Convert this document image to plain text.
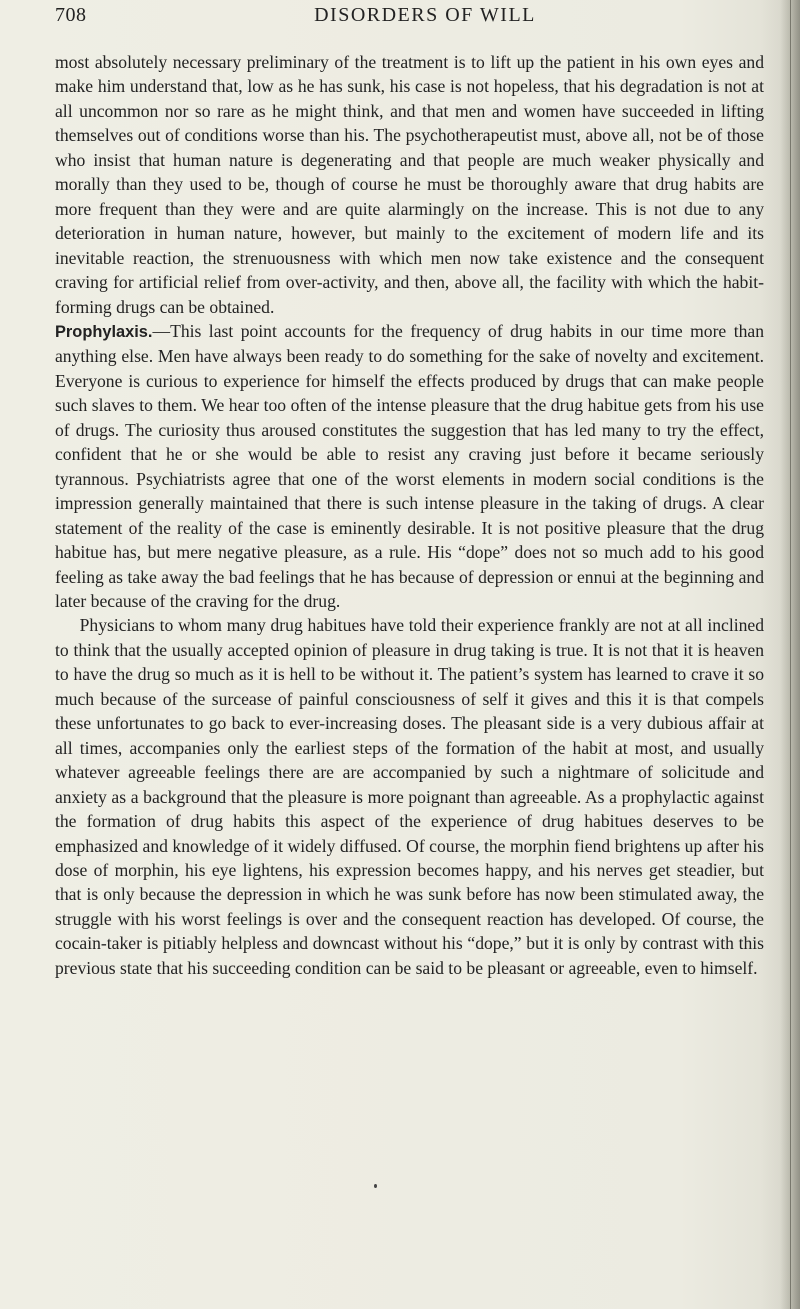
708	DISORDERS OF WILL

most absolutely necessary preliminary of the treatment is to lift up the patient in his own eyes and make him understand that, low as he has sunk, his case is not hopeless, that his degradation is not at all uncommon nor so rare as he might think, and that men and women have succeeded in lifting themselves out of conditions worse than his. The psychotherapeutist must, above all, not be of those who insist that human nature is degenerating and that people are much weaker physically and morally than they used to be, though of course he must be thoroughly aware that drug habits are more frequent than they were and are quite alarmingly on the increase. This is not due to any deterioration in human nature, however, but mainly to the excitement of modern life and its inevitable reaction, the strenuousness with which men now take existence and the consequent craving for artificial relief from over-activity, and then, above all, the facility with which the habit-forming drugs can be obtained.

Prophylaxis.—This last point accounts for the frequency of drug habits in our time more than anything else. Men have always been ready to do something for the sake of novelty and excitement. Everyone is curious to experience for himself the effects produced by drugs that can make people such slaves to them. We hear too often of the intense pleasure that the drug habitue gets from his use of drugs. The curiosity thus aroused constitutes the suggestion that has led many to try the effect, confident that he or she would be able to resist any craving just before it became seriously tyrannous. Psychiatrists agree that one of the worst elements in modern social conditions is the impression generally maintained that there is such intense pleasure in the taking of drugs. A clear statement of the reality of the case is eminently desirable. It is not positive pleasure that the drug habitue has, but mere negative pleasure, as a rule. His “dope” does not so much add to his good feeling as take away the bad feelings that he has because of depression or ennui at the beginning and later because of the craving for the drug.

Physicians to whom many drug habitues have told their experience frankly are not at all inclined to think that the usually accepted opinion of pleasure in drug taking is true. It is not that it is heaven to have the drug so much as it is hell to be without it. The patient’s system has learned to crave it so much because of the surcease of painful consciousness of self it gives and this it is that compels these unfortunates to go back to ever-increasing doses. The pleasant side is a very dubious affair at all times, accompanies only the earliest steps of the formation of the habit at most, and usually whatever agreeable feelings there are are accompanied by such a nightmare of solicitude and anxiety as a background that the pleasure is more poignant than agreeable. As a prophylactic against the formation of drug habits this aspect of the experience of drug habitues deserves to be emphasized and knowledge of it widely diffused. Of course, the morphin fiend brightens up after his dose of morphin, his eye lightens, his expression becomes happy, and his nerves get steadier, but that is only because the depression in which he was sunk before has now been stimulated away, the struggle with his worst feelings is over and the consequent reaction has developed. Of course, the cocain-taker is pitiably helpless and downcast without his “dope,” but it is only by contrast with this previous state that his succeeding condition can be said to be pleasant or agreeable, even to himself.
